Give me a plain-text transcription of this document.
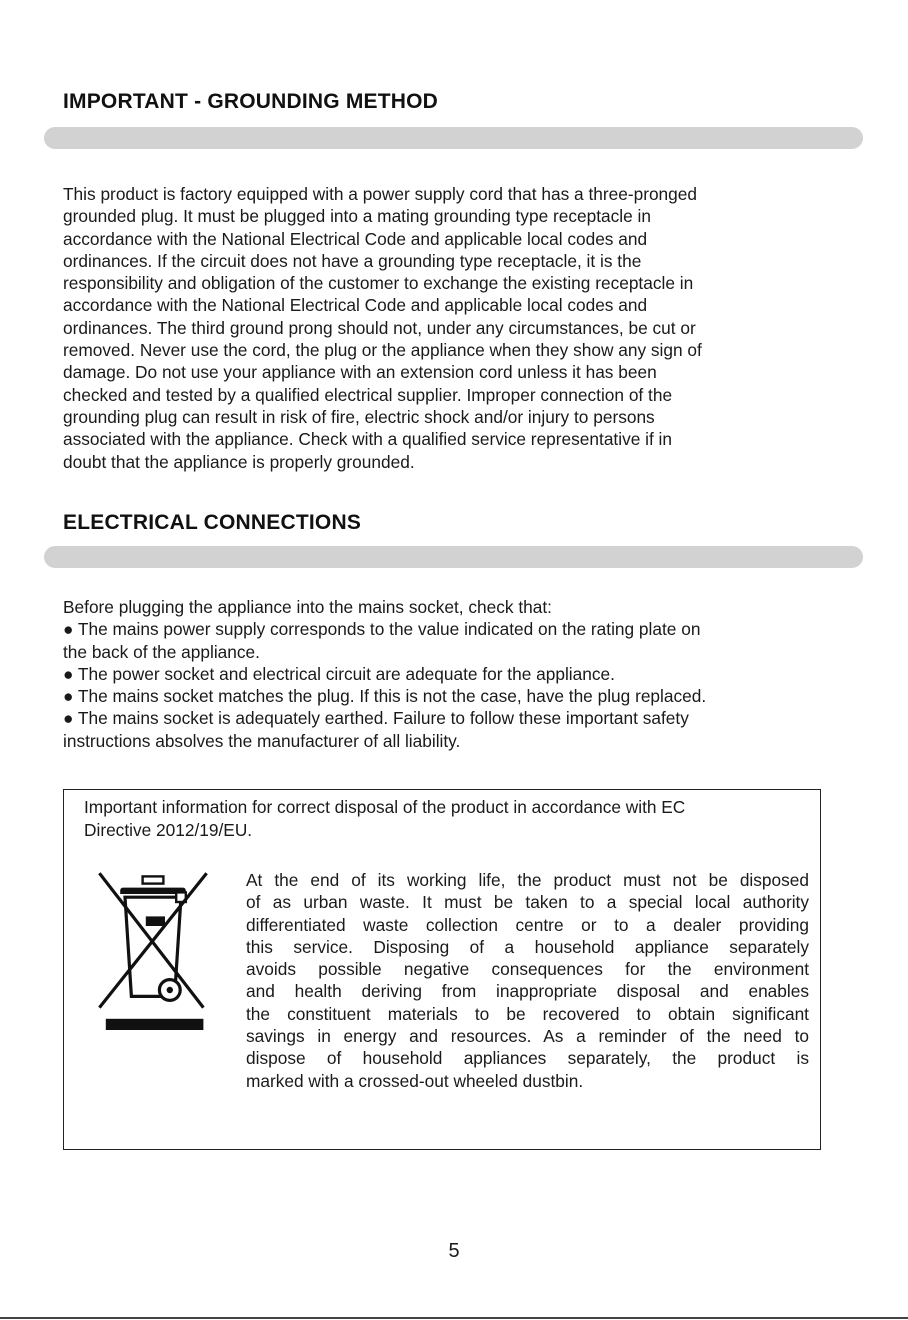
IMPORTANT - GROUNDING METHOD
This product is factory equipped with a power supply cord that has a three-pronged
grounded plug. It must be plugged into a mating grounding type receptacle in
accordance with the National Electrical Code and applicable local codes and
ordinances. If the circuit does not have a grounding type receptacle, it is the
responsibility and obligation of the customer to exchange the existing receptacle in
accordance with the National Electrical Code and applicable local codes and
ordinances. The third ground prong should not, under any circumstances, be cut or
removed. Never use the cord, the plug or the appliance when they show any sign of
damage. Do not use your appliance with an extension cord unless it has been
checked and tested by a qualified electrical supplier. Improper connection of the
grounding plug can result in risk of fire, electric shock and/or injury to persons
associated with the appliance. Check with a qualified service representative if in
doubt that the appliance is properly grounded.
ELECTRICAL CONNECTIONS
Before plugging the appliance into the mains socket, check that:
● The mains power supply corresponds to the value indicated on the rating plate on
the back of the appliance.
● The power socket and electrical circuit are adequate for the appliance.
● The mains socket matches the plug. If this is not the case, have the plug replaced.
● The mains socket is adequately earthed. Failure to follow these important safety
instructions absolves the manufacturer of all liability.
Important information for correct disposal of the product in accordance with EC
Directive 2012/19/EU.
At the end of its working life, the product must not be disposed
of as urban waste. It must be taken to a special local authority
differentiated waste collection centre or to a dealer providing
this service. Disposing of a household appliance separately
avoids possible negative consequences for the environment
and health deriving from inappropriate disposal and enables
the constituent materials to be recovered to obtain significant
savings in energy and resources. As a reminder of the need to
dispose of household appliances separately, the product is
marked with a crossed-out wheeled dustbin.

5
